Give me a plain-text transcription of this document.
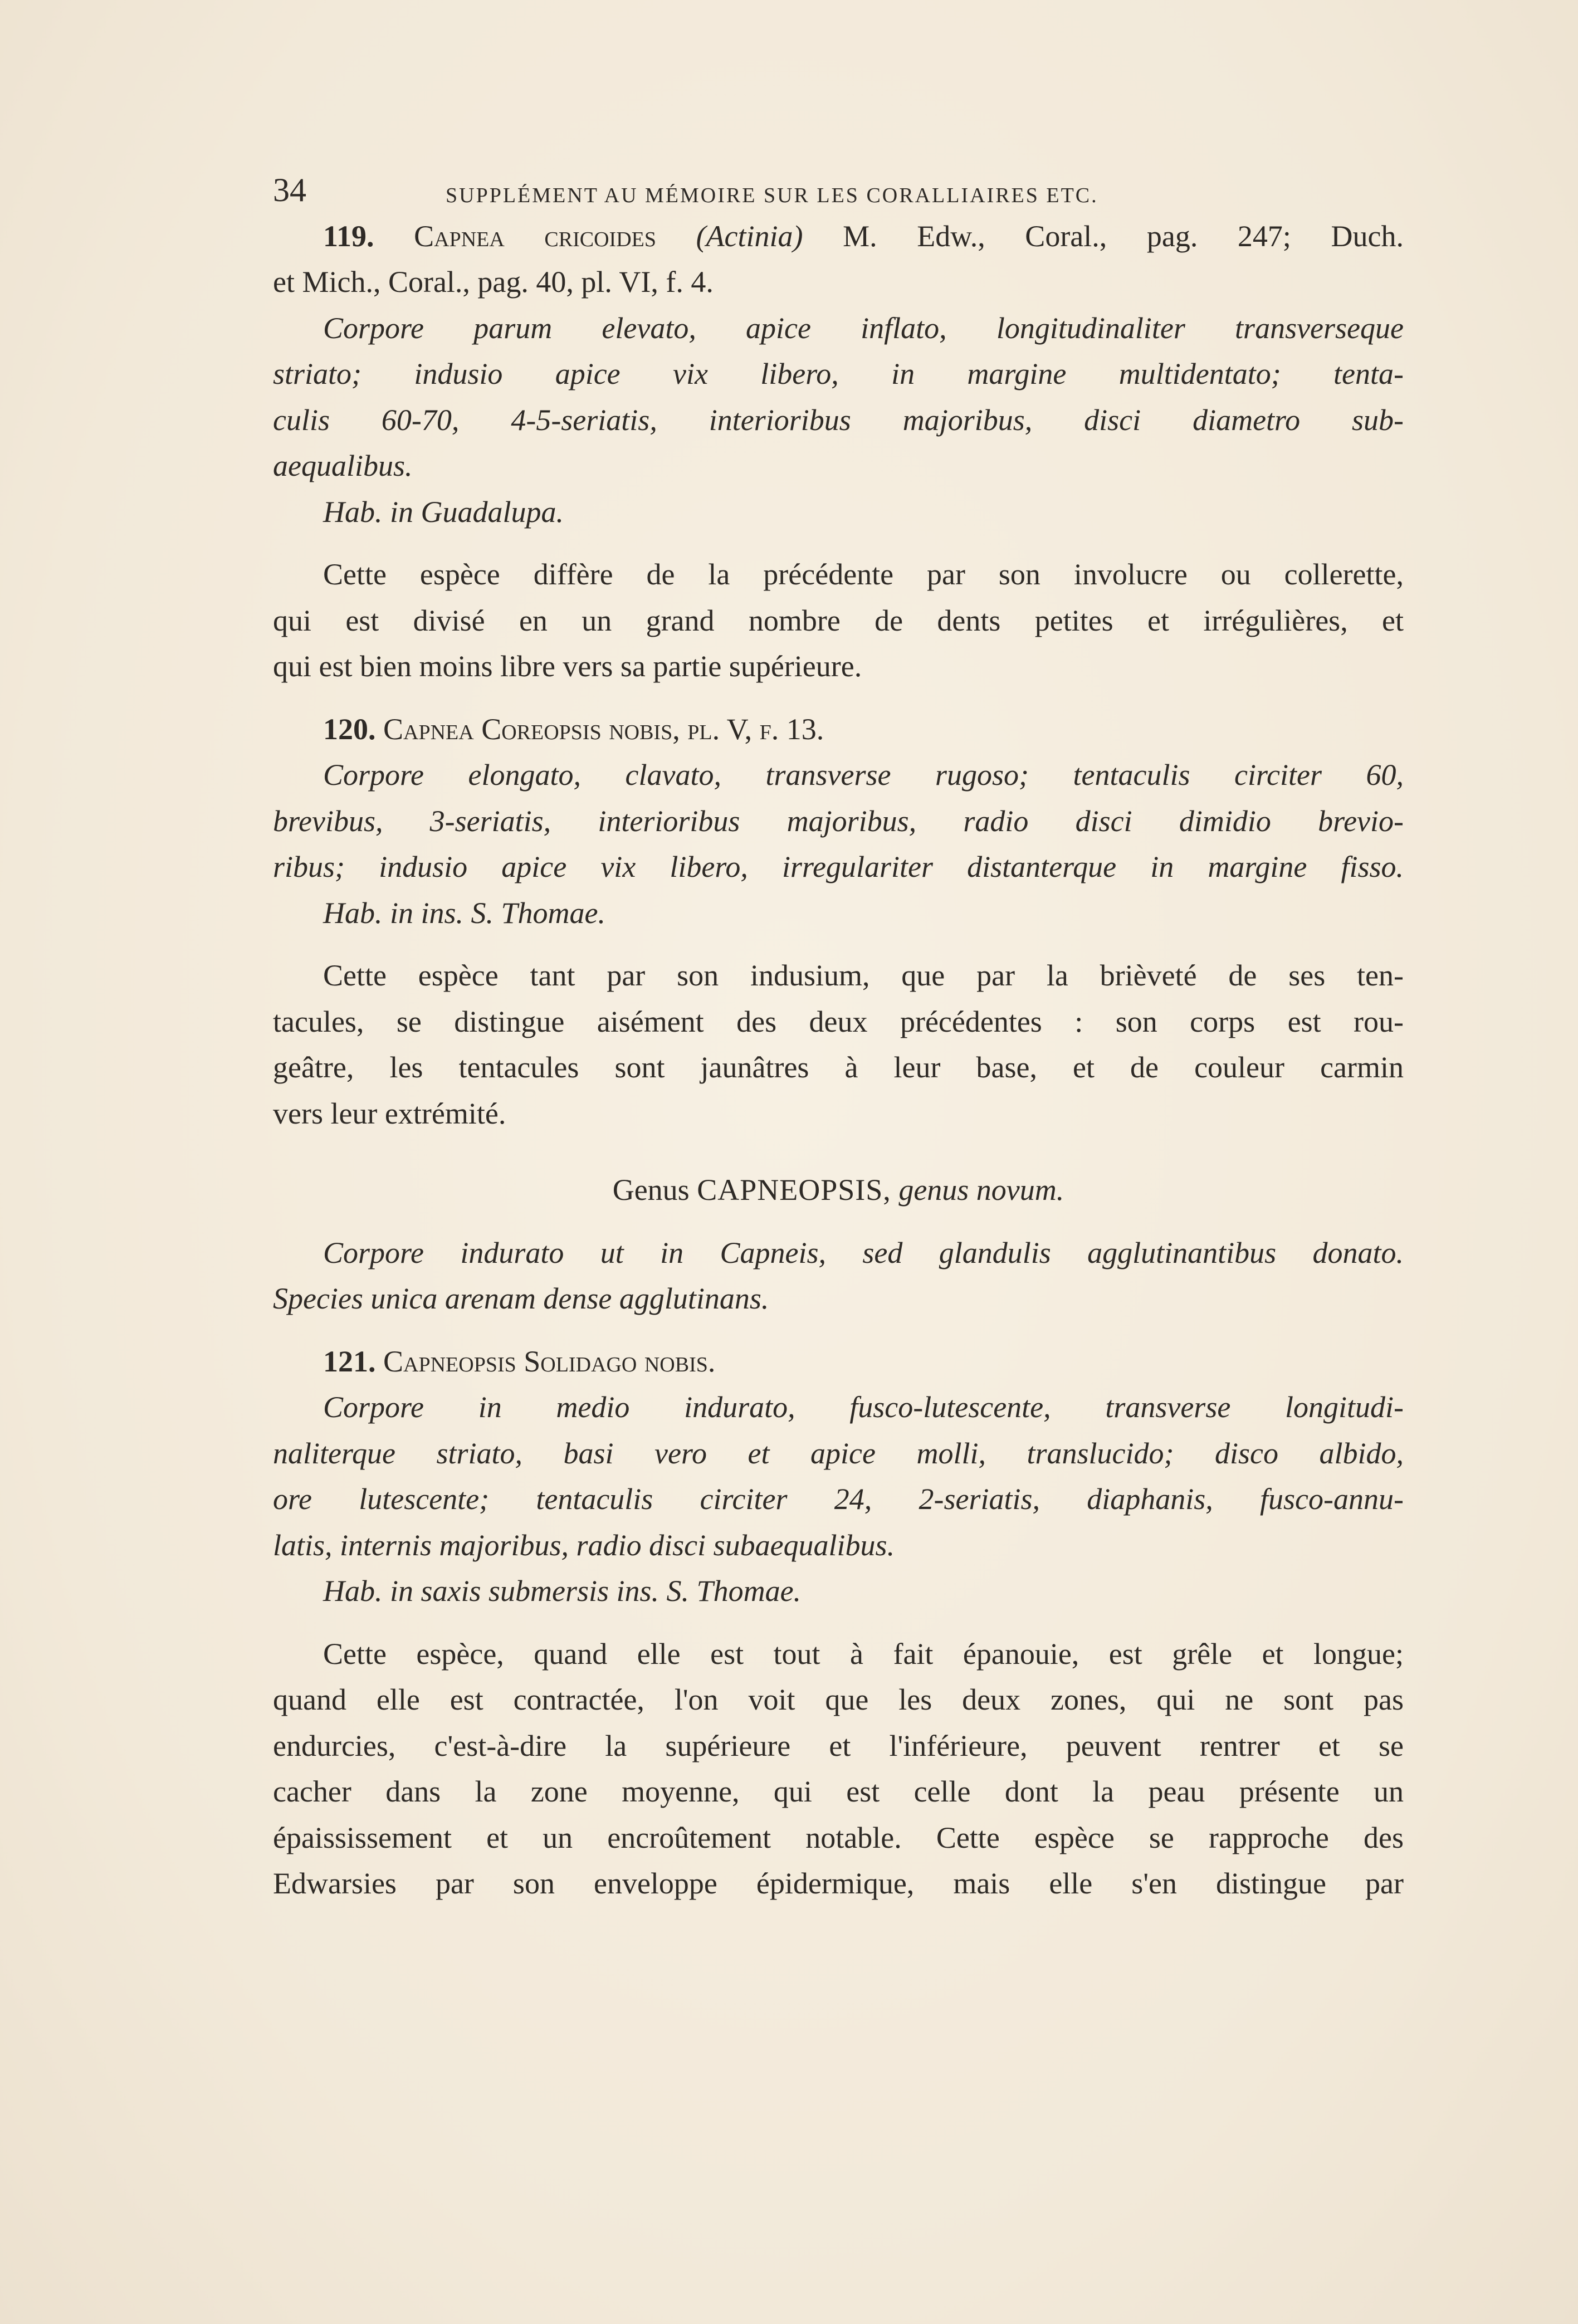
34	SUPPLÉMENT AU MÉMOIRE SUR LES CORALLIAIRES ETC.
119. Capnea cricoides (Actinia) M. Edw., Coral., pag. 247; Duch.
et Mich., Coral., pag. 40, pl. VI, f. 4.
Corpore parum elevato, apice inflato, longitudinaliter transverseque
striato; indusio apice vix libero, in margine multidentato; tenta-
culis 60-70, 4-5-seriatis, interioribus majoribus, disci diametro sub-
aequalibus.
Hab. in Guadalupa.
Cette espèce diffère de la précédente par son involucre ou collerette,
qui est divisé en un grand nombre de dents petites et irrégulières, et
qui est bien moins libre vers sa partie supérieure.
120. Capnea Coreopsis nobis, pl. V, f. 13.
Corpore elongato, clavato, transverse rugoso; tentaculis circiter 60,
brevibus, 3-seriatis, interioribus majoribus, radio disci dimidio brevio-
ribus; indusio apice vix libero, irregulariter distanterque in margine fisso.
Hab. in ins. S. Thomae.
Cette espèce tant par son indusium, que par la brièveté de ses ten-
tacules, se distingue aisément des deux précédentes : son corps est rou-
geâtre, les tentacules sont jaunâtres à leur base, et de couleur carmin
vers leur extrémité.
Genus CAPNEOPSIS, genus novum.
Corpore indurato ut in Capneis, sed glandulis agglutinantibus donato.
Species unica arenam dense agglutinans.
121. Capneopsis Solidago nobis.
Corpore in medio indurato, fusco-lutescente, transverse longitudi-
naliterque striato, basi vero et apice molli, translucido; disco albido,
ore lutescente; tentaculis circiter 24, 2-seriatis, diaphanis, fusco-annu-
latis, internis majoribus, radio disci subaequalibus.
Hab. in saxis submersis ins. S. Thomae.
Cette espèce, quand elle est tout à fait épanouie, est grêle et longue;
quand elle est contractée, l'on voit que les deux zones, qui ne sont pas
endurcies, c'est-à-dire la supérieure et l'inférieure, peuvent rentrer et se
cacher dans la zone moyenne, qui est celle dont la peau présente un
épaississement et un encroûtement notable. Cette espèce se rapproche des
Edwarsies par son enveloppe épidermique, mais elle s'en distingue par
